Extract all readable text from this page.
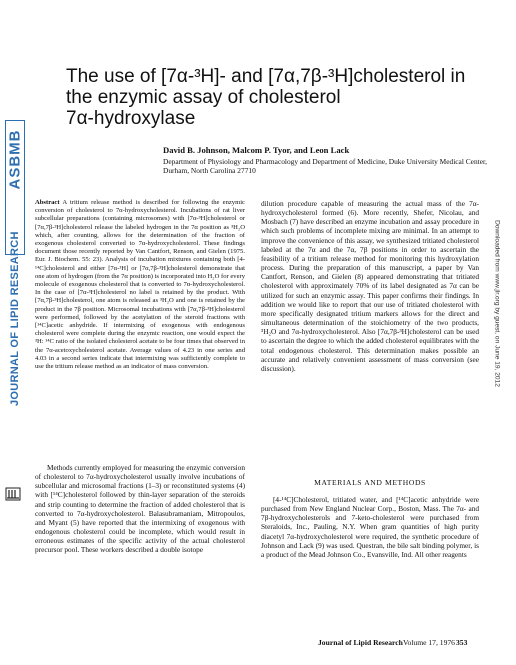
ASBMB
JOURNAL OF LIPID RESEARCH	Downloaded from www.jlr.org by guest, on June 19, 2012
The use of [7α-³H]- and [7α,7β-³H]cholesterol in
the enzymic assay of cholesterol
7α-hydroxylase
David B. Johnson, Malcom P. Tyor, and Leon Lack
Department of Physiology and Pharmacology and Department of Medicine, Duke University Medical Center, Durham, North Carolina 27710
Abstract A tritium release method is described for following the enzymic conversion of cholesterol to 7α-hydroxycholesterol. Incubations of rat liver subcellular preparations (containing microsomes) with [7α-³H]cholesterol or [7α,7β-³H]cholesterol release the labeled hydrogen in the 7α position as ³H₂O which, after counting, allows for the determination of the fraction of exogenous cholesterol converted to 7α-hydroxycholesterol. These findings document those recently reported by Van Cantfort, Renson, and Gielen (1975. Eur. J. Biochem. 55: 23). Analysis of incubation mixtures containing both [4-¹⁴C]cholesterol and either [7α-³H] or [7α,7β-³H]cholesterol demonstrate that one atom of hydrogen (from the 7α position) is incorporated into H₂O for every molecule of exogenous cholesterol that is converted to 7α-hydroxycholesterol. In the case of [7α-³H]cholesterol no label is retained by the product. With [7α,7β-³H]cholesterol, one atom is released as ³H₂O and one is retained by the product in the 7β position. Microsomal incubations with [7α,7β-³H]cholesterol were performed, followed by the acetylation of the steroid fractions with [¹⁴C]acetic anhydride. If intermixing of exogenous with endogenous cholesterol were complete during the enzymic reaction, one would expect the ³H: ¹⁴C ratio of the isolated cholesterol acetate to be four times that observed in the 7α-acetoxycholesterol acetate. Average values of 4.23 in one series and 4.03 in a second series indicate that intermixing was sufficiently complete to use the tritium release method as an indicator of mass conversion.
Methods currently employed for measuring the enzymic conversion of cholesterol to 7α-hydroxycholesterol usually involve incubations of subcellular and microsomal fractions (1–3) or reconstituted systems (4) with [¹⁴C]cholesterol followed by thin-layer separation of the steroids and strip counting to determine the fraction of added cholesterol that is converted to 7α-hydroxycholesterol. Balasubramaniam, Mitropoulos, and Myant (5) have reported that the intermixing of exogenous with endogenous cholesterol could be incomplete, which would result in erroneous estimates of the specific activity of the actual cholesterol precursor pool. These workers described a double isotope
dilution procedure capable of measuring the actual mass of the 7α-hydroxycholesterol formed (6). More recently, Shefer, Nicolau, and Mosbach (7) have described an enzyme incubation and assay procedure in which such problems of incomplete mixing are minimal. In an attempt to improve the convenience of this assay, we synthesized tritiated cholesterol labeled at the 7α and the 7α, 7β positions in order to ascertain the feasibility of a tritium release method for monitoring this hydroxylation process. During the preparation of this manuscript, a paper by Van Cantfort, Renson, and Gielen (8) appeared demonstrating that tritiated cholesterol with approximately 70% of its label designated as 7α can be utilized for such an enzymic assay. This paper confirms their findings. In addition we would like to report that our use of tritiated cholesterol with more specifically designated tritium markers allows for the direct and simultaneous determination of the stoichiometry of the two products, ³H₂O and 7α-hydroxycholesterol. Also [7α,7β-³H]cholesterol can be used to ascertain the degree to which the added cholesterol equilibrates with the total endogenous cholesterol. This determination makes possible an accurate and relatively convenient assessment of mass conversion (see discussion).
MATERIALS AND METHODS
[4-¹⁴C]Cholesterol, tritiated water, and [¹⁴C]acetic anhydride were purchased from New England Nuclear Corp., Boston, Mass. The 7α- and 7β-hydroxycholesterols and 7-keto-cholesterol were purchased from Steraloids, Inc., Pauling, N.Y. When gram quantities of high purity diacetyl 7α-hydroxycholesterol were required, the synthetic procedure of Johnson and Lack (9) was used. Questran, the bile salt binding polymer, is a product of the Mead Johnson Co., Evansville, Ind. All other reagents
Journal of Lipid Research Volume 17, 1976 353
